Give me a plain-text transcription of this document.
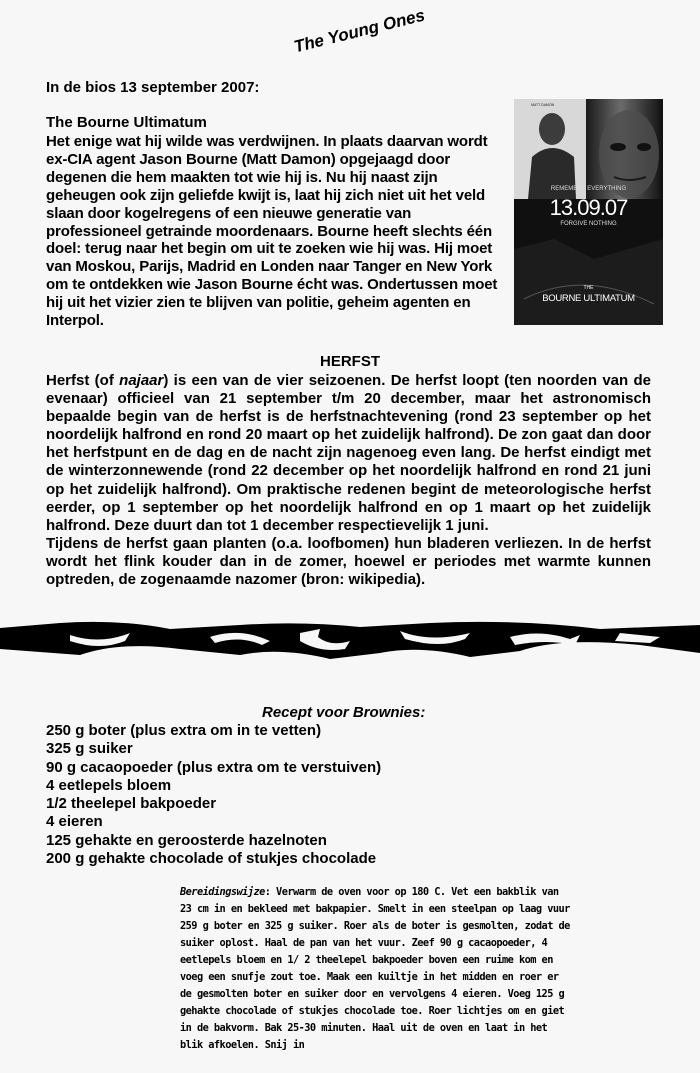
The Young Ones
In de bios 13 september 2007:
The Bourne Ultimatum
Het enige wat hij wilde was verdwijnen. In plaats daarvan wordt ex-CIA agent Jason Bourne (Matt Damon) opgejaagd door degenen die hem maakten tot wie hij is. Nu hij naast zijn geheugen ook zijn geliefde kwijt is, laat hij zich niet uit het veld slaan door kogelregens of een nieuwe generatie van professioneel getrainde moordenaars. Bourne heeft slechts één doel: terug naar het begin om uit te zoeken wie hij was. Hij moet van Moskou, Parijs, Madrid en Londen naar Tanger en New York om te ontdekken wie Jason Bourne écht was. Ondertussen moet hij uit het vizier zien te blijven van politie, geheim agenten en Interpol.
MATT DAMON
REMEMBER EVERYTHING
13.09.07
FORGIVE NOTHING
THE
BOURNE ULTIMATUM
HERFST

Herfst (of najaar) is een van de vier seizoenen. De herfst loopt (ten noorden van de evenaar) officieel van 21 september t/m 20 december, maar het astronomisch bepaalde begin van de herfst is de herfstnachtevening (rond 23 september op het noordelijk halfrond en rond 20 maart op het zuidelijk halfrond). De zon gaat dan door het herfstpunt en de dag en de nacht zijn nagenoeg even lang. De herfst eindigt met de winterzonnewende (rond 22 december op het noordelijk halfrond en rond 21 juni op het zuidelijk halfrond). Om praktische redenen begint de meteorologische herfst eerder, op 1 september op het noordelijk halfrond en op 1 maart op het zuidelijk halfrond. Deze duurt dan tot 1 december respectievelijk 1 juni.

Tijdens de herfst gaan planten (o.a. loofbomen) hun bladeren verliezen. In de herfst wordt het flink kouder dan in de zomer, hoewel er periodes met warmte kunnen optreden, de zogenaamde nazomer (bron: wikipedia).

Recept voor Brownies:
250 g boter (plus extra om in te vetten)
325 g suiker
90 g cacaopoeder (plus extra om te verstuiven)
4 eetlepels bloem
1/2 theelepel bakpoeder
4 eieren
125 gehakte en geroosterde hazelnoten
200 g gehakte chocolade of stukjes chocolade
Bereidingswijze: Verwarm de oven voor op 180 C. Vet een bakblik van 23 cm in en bekleed met bakpapier. Smelt in een steelpan op laag vuur 259 g boter en 325 g suiker. Roer als de boter is gesmolten, zodat de suiker oplost. Haal de pan van het vuur. Zeef 90 g cacaopoeder, 4 eetlepels bloem en 1/ 2 theelepel bakpoeder boven een ruime kom en voeg een snufje zout toe. Maak een kuiltje in het midden en roer er de gesmolten boter en suiker door en vervolgens 4 eieren. Voeg 125 g gehakte chocolade of stukjes chocolade toe. Roer lichtjes om en giet in de bakvorm. Bak 25-30 minuten. Haal uit de oven en laat in het blik afkoelen. Snij in
